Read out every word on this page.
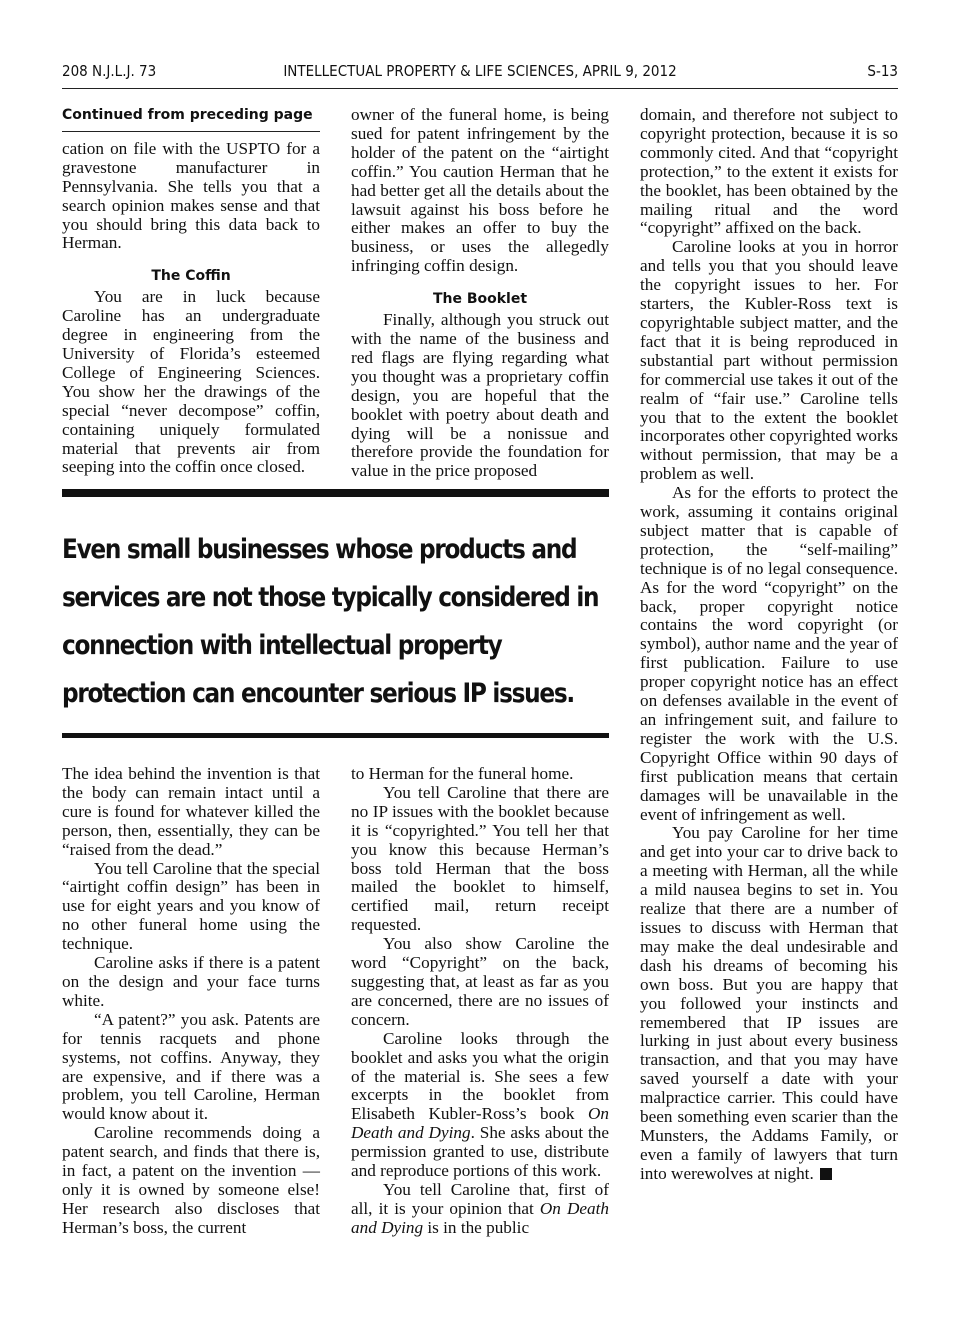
208 N.J.L.J. 73	INTELLECTUAL PROPERTY & LIFE SCIENCES, APRIL 9, 2012	S-13
Continued from preceding page

cation on file with the USPTO for a gravestone manufacturer in Pennsylvania. She tells you that a search opinion makes sense and that you should bring this data back to Herman.

The Coffin

You are in luck because Caroline has an undergraduate degree in engineering from the University of Florida’s esteemed College of Engineering Sciences. You show her the drawings of the special “never decompose” coffin, containing uniquely formulated material that prevents air from seeping into the coffin once closed.

owner of the funeral home, is being sued for patent infringement by the holder of the patent on the “airtight coffin.” You caution Herman that he had better get all the details about the lawsuit against his boss before he either makes an offer to buy the business, or uses the allegedly infringing coffin design.

The Booklet

Finally, although you struck out with the name of the business and red flags are flying regarding what you thought was a proprietary coffin design, you are hopeful that the booklet with poetry about death and dying will be a nonissue and therefore provide the foundation for value in the price proposed

Even small businesses whose products and services are not those typically considered in connection with intellectual property protection can encounter serious IP issues.

The idea behind the invention is that the body can remain intact until a cure is found for whatever killed the person, then, essentially, they can be “raised from the dead.”

You tell Caroline that the special “airtight coffin design” has been in use for eight years and you know of no other funeral home using the technique.

Caroline asks if there is a patent on the design and your face turns white.

“A patent?” you ask. Patents are for tennis racquets and phone systems, not coffins. Anyway, they are expensive, and if there was a problem, you tell Caroline, Herman would know about it.

Caroline recommends doing a patent search, and finds that there is, in fact, a patent on the invention — only it is owned by someone else! Her research also discloses that Herman’s boss, the current

to Herman for the funeral home.

You tell Caroline that there are no IP issues with the booklet because it is “copyrighted.” You tell her that you know this because Herman’s boss told Herman that the boss mailed the booklet to himself, certified mail, return receipt requested.

You also show Caroline the word “Copyright” on the back, suggesting that, at least as far as you are concerned, there are no issues of concern.

Caroline looks through the booklet and asks you what the origin of the material is. She sees a few excerpts in the booklet from Elisabeth Kubler-Ross’s book On Death and Dying. She asks about the permission granted to use, distribute and reproduce portions of this work.

You tell Caroline that, first of all, it is your opinion that On Death and Dying is in the public

domain, and therefore not subject to copyright protection, because it is so commonly cited. And that “copyright protection,” to the extent it exists for the booklet, has been obtained by the mailing ritual and the word “copyright” affixed on the back.

Caroline looks at you in horror and tells you that you should leave the copyright issues to her. For starters, the Kubler-Ross text is copyrightable subject matter, and the fact that it is being reproduced in substantial part without permission for commercial use takes it out of the realm of “fair use.” Caroline tells you that to the extent the booklet incorporates other copyrighted works without permission, that may be a problem as well.

As for the efforts to protect the work, assuming it contains original subject matter that is capable of protection, the “self-mailing” technique is of no legal consequence. As for the word “copyright” on the back, proper copyright notice contains the word copyright (or symbol), author name and the year of first publication. Failure to use proper copyright notice has an effect on defenses available in the event of an infringement suit, and failure to register the work with the U.S. Copyright Office within 90 days of first publication means that certain damages will be unavailable in the event of infringement as well.

You pay Caroline for her time and get into your car to drive back to a meeting with Herman, all the while a mild nausea begins to set in. You realize that there are a number of issues to discuss with Herman that may make the deal undesirable and dash his dreams of becoming his own boss. But you are happy that you followed your instincts and remembered that IP issues are lurking in just about every business transaction, and that you may have saved yourself a date with your malpractice carrier. This could have been something even scarier than the Munsters, the Addams Family, or even a family of lawyers that turn into werewolves at night.
